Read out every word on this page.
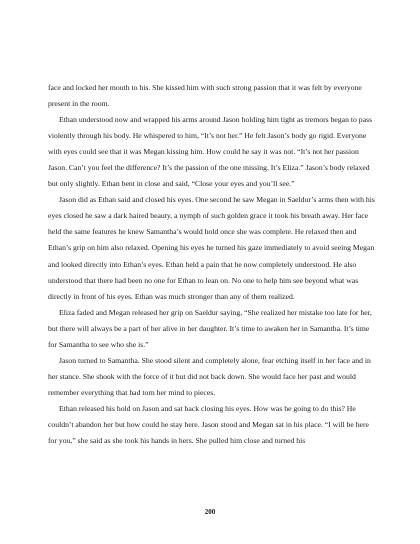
face and locked her mouth to his. She kissed him with such strong passion that it was felt by everyone present in the room.

Ethan understood now and wrapped his arms around Jason holding him tight as tremors began to pass violently through his body. He whispered to him, “It’s not her.” He felt Jason’s body go rigid. Everyone with eyes could see that it was Megan kissing him. How could he say it was not. “It’s not her passion Jason. Can’t you feel the difference? It’s the passion of the one missing. It’s Eliza.” Jason’s body relaxed but only slightly. Ethan bent in close and said, “Close your eyes and you’ll see.”

Jason did as Ethan said and closed his eyes. One second he saw Megan in Saeldur’s arms then with his eyes closed he saw a dark haired beauty, a nymph of such golden grace it took his breath away. Her face held the same features he knew Samantha’s would hold once she was complete. He relaxed then and Ethan’s grip on him also relaxed. Opening his eyes he turned his gaze immediately to avoid seeing Megan and looked directly into Ethan’s eyes. Ethan held a pain that he now completely understood. He also understood that there had been no one for Ethan to lean on. No one to help him see beyond what was directly in front of his eyes. Ethan was much stronger than any of them realized.

Eliza faded and Megan released her grip on Saeldur saying, “She realized her mistake too late for her, but there will always be a part of her alive in her daughter. It’s time to awaken her in Samantha. It’s time for Samantha to see who she is.”

Jason turned to Samantha. She stood silent and completely alone, fear etching itself in her face and in her stance. She shook with the force of it but did not back down. She would face her past and would remember everything that had torn her mind to pieces.

Ethan released his hold on Jason and sat back closing his eyes. How was he going to do this? He couldn’t abandon her but how could he stay here. Jason stood and Megan sat in his place. “I will be here for you,” she said as she took his hands in hers. She pulled him close and turned his

200
